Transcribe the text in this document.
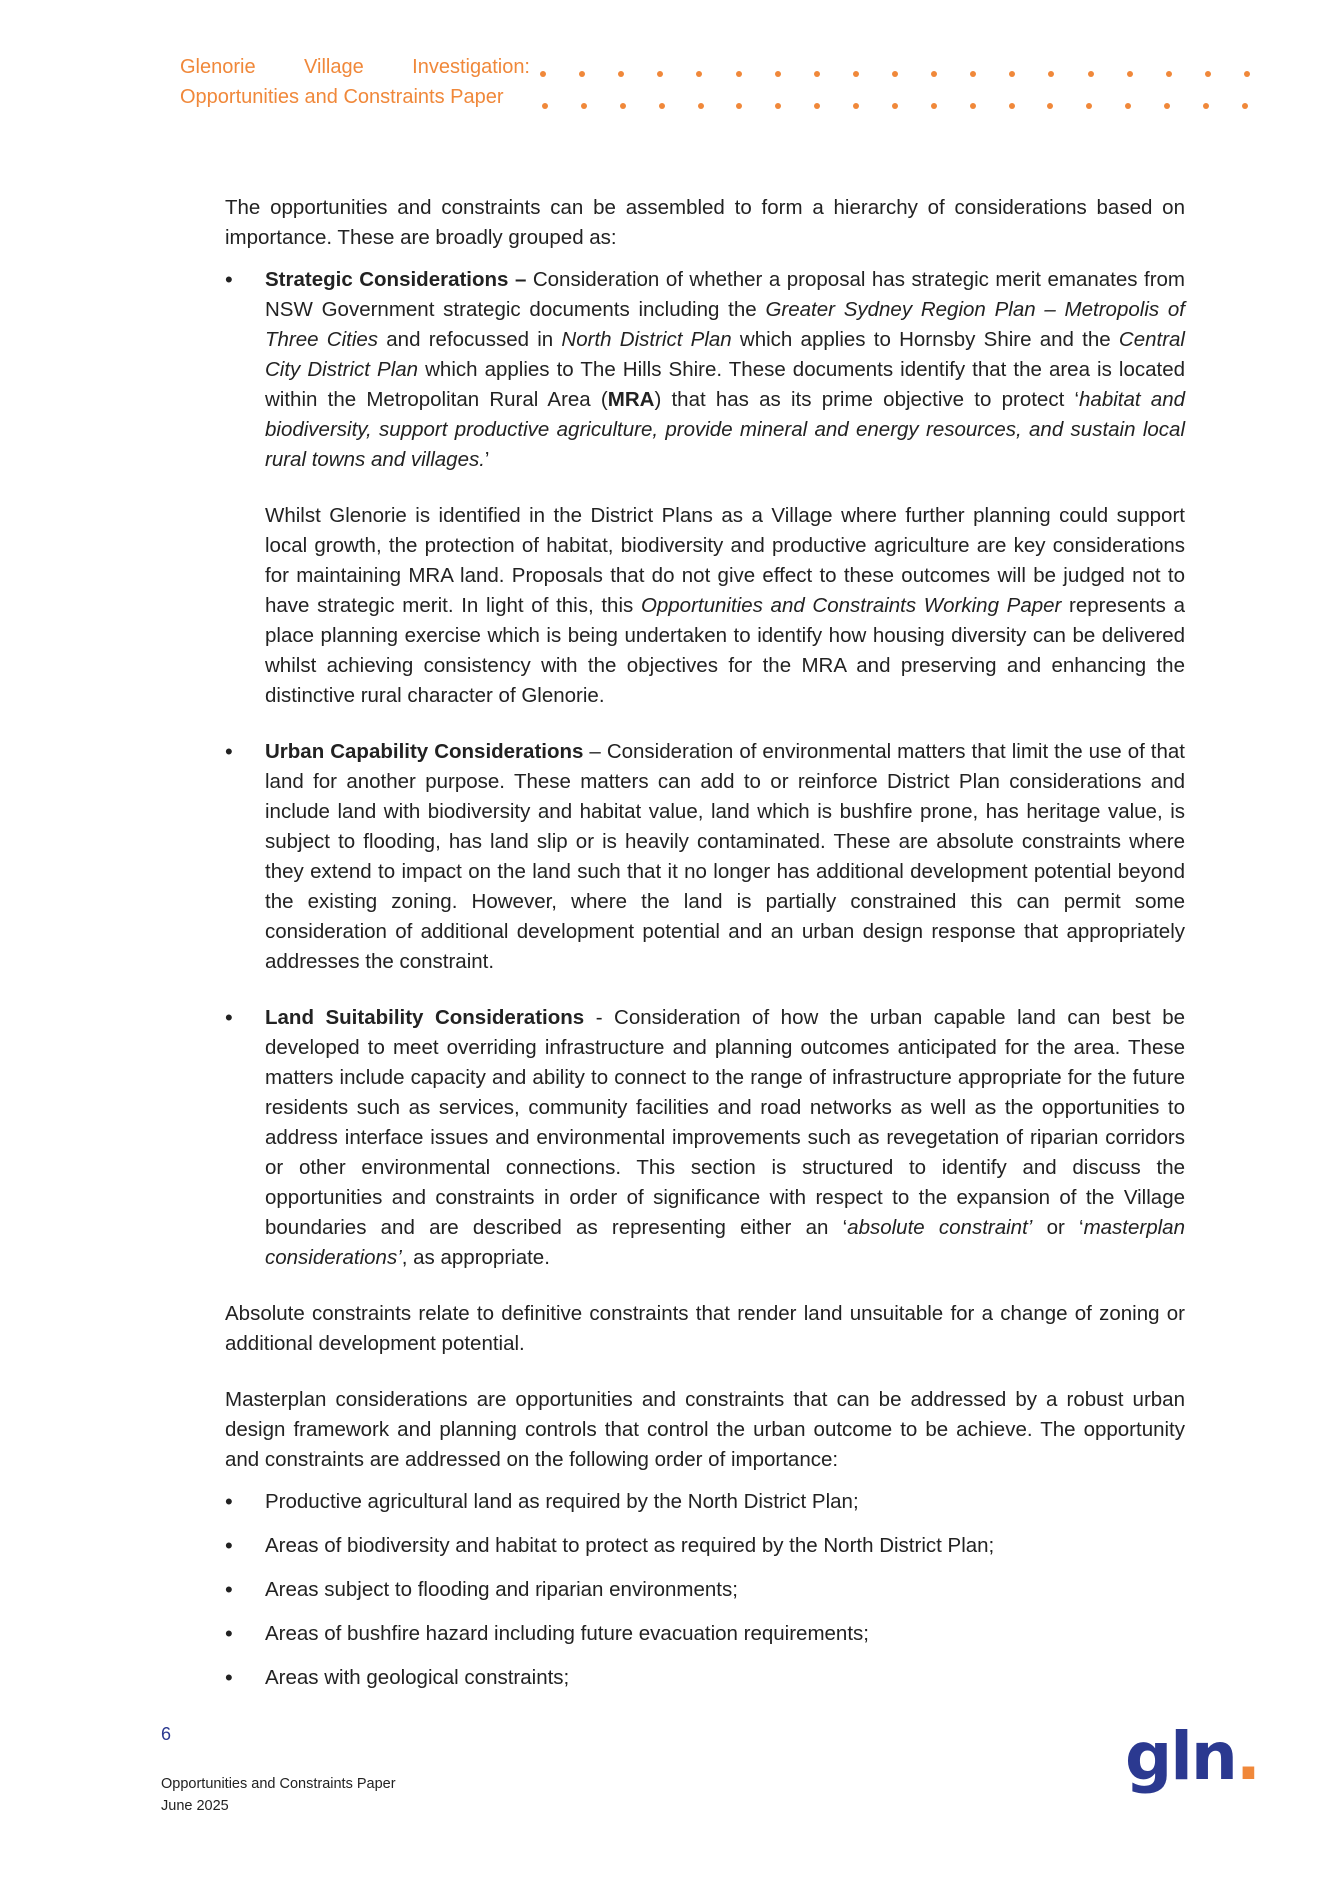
Glenorie Village Investigation:
Opportunities and Constraints Paper

The opportunities and constraints can be assembled to form a hierarchy of considerations based on importance. These are broadly grouped as:

• Strategic Considerations – Consideration of whether a proposal has strategic merit emanates from NSW Government strategic documents including the Greater Sydney Region Plan – Metropolis of Three Cities and refocussed in North District Plan which applies to Hornsby Shire and the Central City District Plan which applies to The Hills Shire. These documents identify that the area is located within the Metropolitan Rural Area (MRA) that has as its prime objective to protect ‘habitat and biodiversity, support productive agriculture, provide mineral and energy resources, and sustain local rural towns and villages.’
Whilst Glenorie is identified in the District Plans as a Village where further planning could support local growth, the protection of habitat, biodiversity and productive agriculture are key considerations for maintaining MRA land. Proposals that do not give effect to these outcomes will be judged not to have strategic merit. In light of this, this Opportunities and Constraints Working Paper represents a place planning exercise which is being undertaken to identify how housing diversity can be delivered whilst achieving consistency with the objectives for the MRA and preserving and enhancing the distinctive rural character of Glenorie.
• Urban Capability Considerations – Consideration of environmental matters that limit the use of that land for another purpose. These matters can add to or reinforce District Plan considerations and include land with biodiversity and habitat value, land which is bushfire prone, has heritage value, is subject to flooding, has land slip or is heavily contaminated. These are absolute constraints where they extend to impact on the land such that it no longer has additional development potential beyond the existing zoning. However, where the land is partially constrained this can permit some consideration of additional development potential and an urban design response that appropriately addresses the constraint.
• Land Suitability Considerations - Consideration of how the urban capable land can best be developed to meet overriding infrastructure and planning outcomes anticipated for the area. These matters include capacity and ability to connect to the range of infrastructure appropriate for the future residents such as services, community facilities and road networks as well as the opportunities to address interface issues and environmental improvements such as revegetation of riparian corridors or other environmental connections. This section is structured to identify and discuss the opportunities and constraints in order of significance with respect to the expansion of the Village boundaries and are described as representing either an ‘absolute constraint’ or ‘masterplan considerations’, as appropriate.

Absolute constraints relate to definitive constraints that render land unsuitable for a change of zoning or additional development potential.

Masterplan considerations are opportunities and constraints that can be addressed by a robust urban design framework and planning controls that control the urban outcome to be achieve. The opportunity and constraints are addressed on the following order of importance:

• Productive agricultural land as required by the North District Plan;
• Areas of biodiversity and habitat to protect as required by the North District Plan;
• Areas subject to flooding and riparian environments;
• Areas of bushfire hazard including future evacuation requirements;
• Areas with geological constraints;
6
Opportunities and Constraints Paper
June 2025
gln.
